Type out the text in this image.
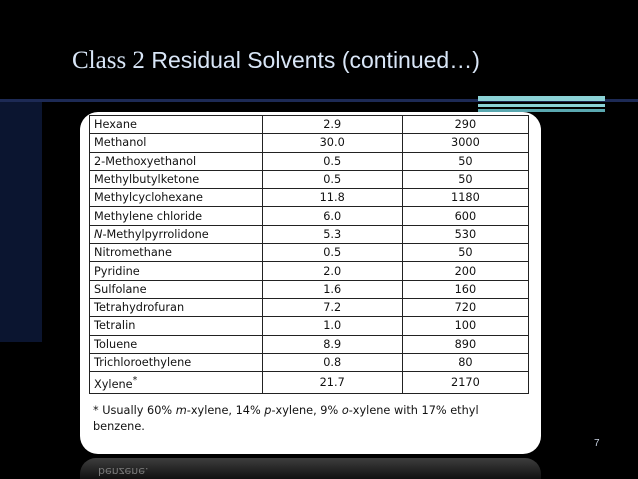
Class 2 Residual Solvents (continued…)
Hexane	2.9	290
Methanol	30.0	3000
2-Methoxyethanol	0.5	50
Methylbutylketone	0.5	50
Methylcyclohexane	11.8	1180
Methylene chloride	6.0	600
N-Methylpyrrolidone	5.3	530
Nitromethane	0.5	50
Pyridine	2.0	200
Sulfolane	1.6	160
Tetrahydrofuran	7.2	720
Tetralin	1.0	100
Toluene	8.9	890
Trichloroethylene	0.8	80
Xylene*	21.7	2170
* Usually 60% m-xylene, 14% p-xylene, 9% o-xylene with 17% ethyl benzene.
7
benzene.
